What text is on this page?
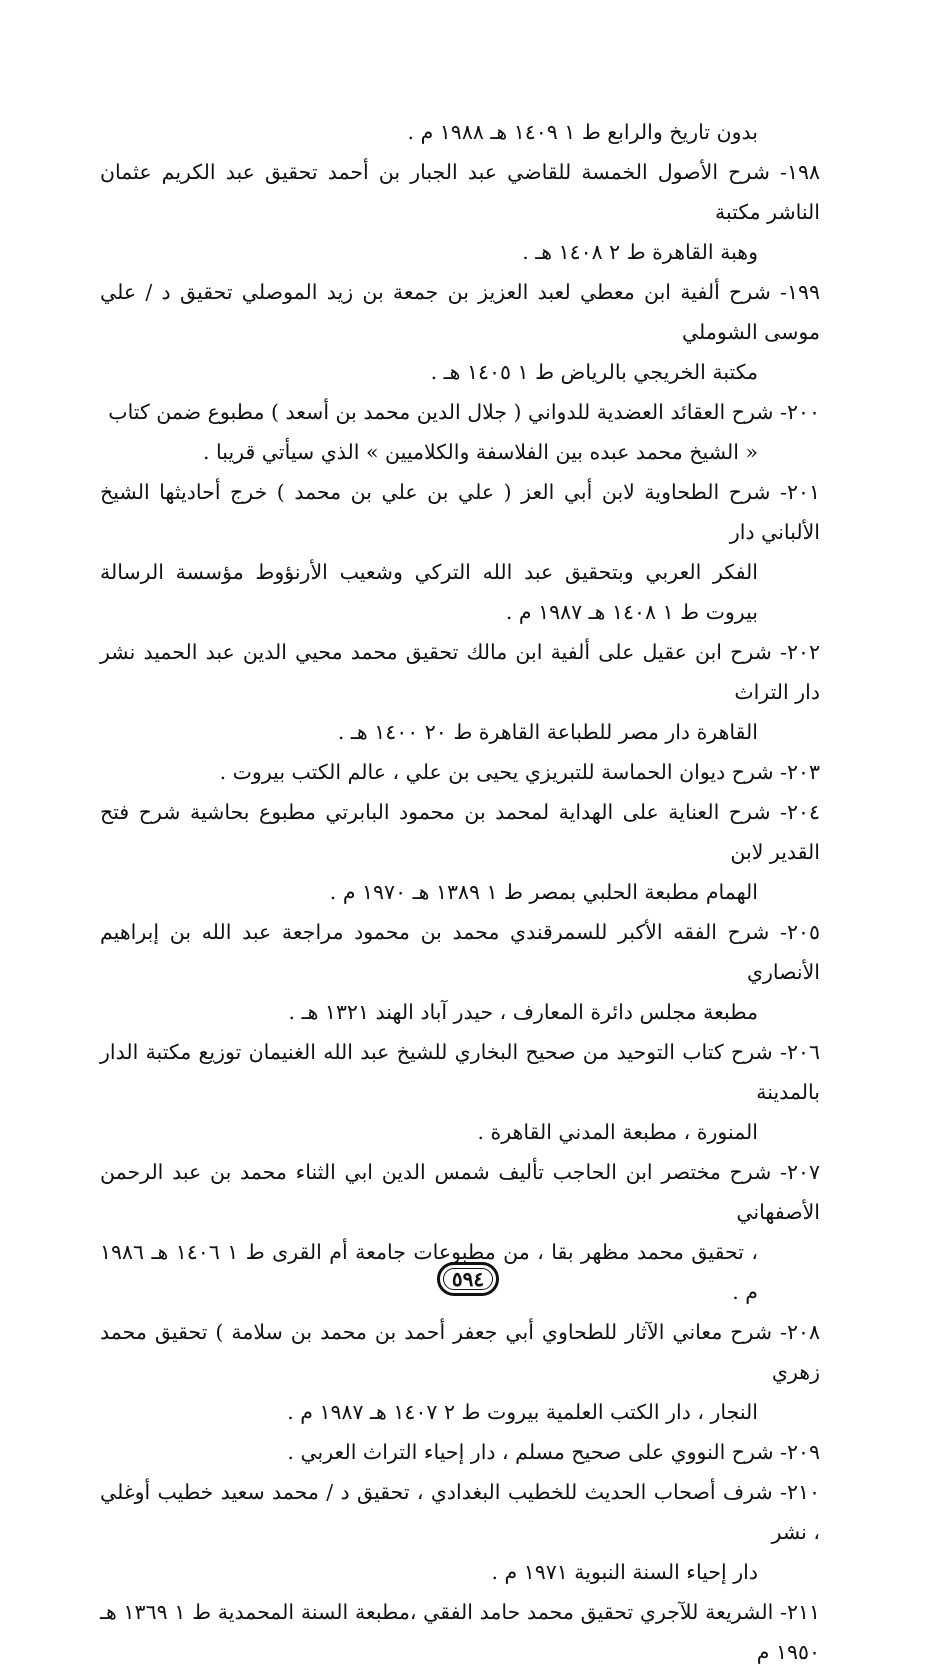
بدون تاريخ والرابع ط ١ ١٤٠٩ هـ ١٩٨٨ م .

١٩٨- شرح الأصول الخمسة للقاضي عبد الجبار بن أحمد تحقيق عبد الكريم عثمان الناشر مكتبة
وهبة القاهرة ط ٢ ١٤٠٨ هـ .

١٩٩- شرح ألفية ابن معطي لعبد العزيز بن جمعة بن زيد الموصلي تحقيق د / علي موسى الشوملي
مكتبة الخريجي بالرياض ط ١ ١٤٠٥ هـ .

٢٠٠- شرح العقائد العضدية للدواني ( جلال الدين محمد بن أسعد ) مطبوع ضمن كتاب
« الشيخ محمد عبده بين الفلاسفة والكلاميين » الذي سيأتي قريبا .

٢٠١- شرح الطحاوية لابن أبي العز ( علي بن علي بن محمد ) خرج أحاديثها الشيخ الألباني دار
الفكر العربي وبتحقيق عبد الله التركي وشعيب الأرنؤوط مؤسسة الرسالة بيروت ط ١ ١٤٠٨ هـ ١٩٨٧ م .

٢٠٢- شرح ابن عقيل على ألفية ابن مالك تحقيق محمد محيي الدين عبد الحميد نشر دار التراث
القاهرة دار مصر للطباعة القاهرة ط ٢٠ ١٤٠٠ هـ .

٢٠٣- شرح ديوان الحماسة للتبريزي يحيى بن علي ، عالم الكتب بيروت .

٢٠٤- شرح العناية على الهداية لمحمد بن محمود البابرتي مطبوع بحاشية شرح فتح القدير لابن
الهمام مطبعة الحلبي بمصر ط ١ ١٣٨٩ هـ ١٩٧٠ م .

٢٠٥- شرح الفقه الأكبر للسمرقندي محمد بن محمود مراجعة عبد الله بن إبراهيم الأنصاري
مطبعة مجلس دائرة المعارف ، حيدر آباد الهند ١٣٢١ هـ .

٢٠٦- شرح كتاب التوحيد من صحيح البخاري للشيخ عبد الله الغنيمان توزيع مكتبة الدار بالمدينة
المنورة ، مطبعة المدني القاهرة .

٢٠٧- شرح مختصر ابن الحاجب تأليف شمس الدين ابي الثناء محمد بن عبد الرحمن الأصفهاني
، تحقيق محمد مظهر بقا ، من مطبوعات جامعة أم القرى ط ١ ١٤٠٦ هـ ١٩٨٦ م .

٢٠٨- شرح معاني الآثار للطحاوي أبي جعفر أحمد بن محمد بن سلامة ) تحقيق محمد زهري
النجار ، دار الكتب العلمية بيروت ط ٢ ١٤٠٧ هـ ١٩٨٧ م .

٢٠٩- شرح النووي على صحيح مسلم ، دار إحياء التراث العربي .

٢١٠- شرف أصحاب الحديث للخطيب البغدادي ، تحقيق د / محمد سعيد خطيب أوغلي ، نشر
دار إحياء السنة النبوية ١٩٧١ م .

٢١١- الشريعة للآجري تحقيق محمد حامد الفقي ،مطبعة السنة المحمدية ط ١ ١٣٦٩ هـ ١٩٥٠ م

٥٩٤
